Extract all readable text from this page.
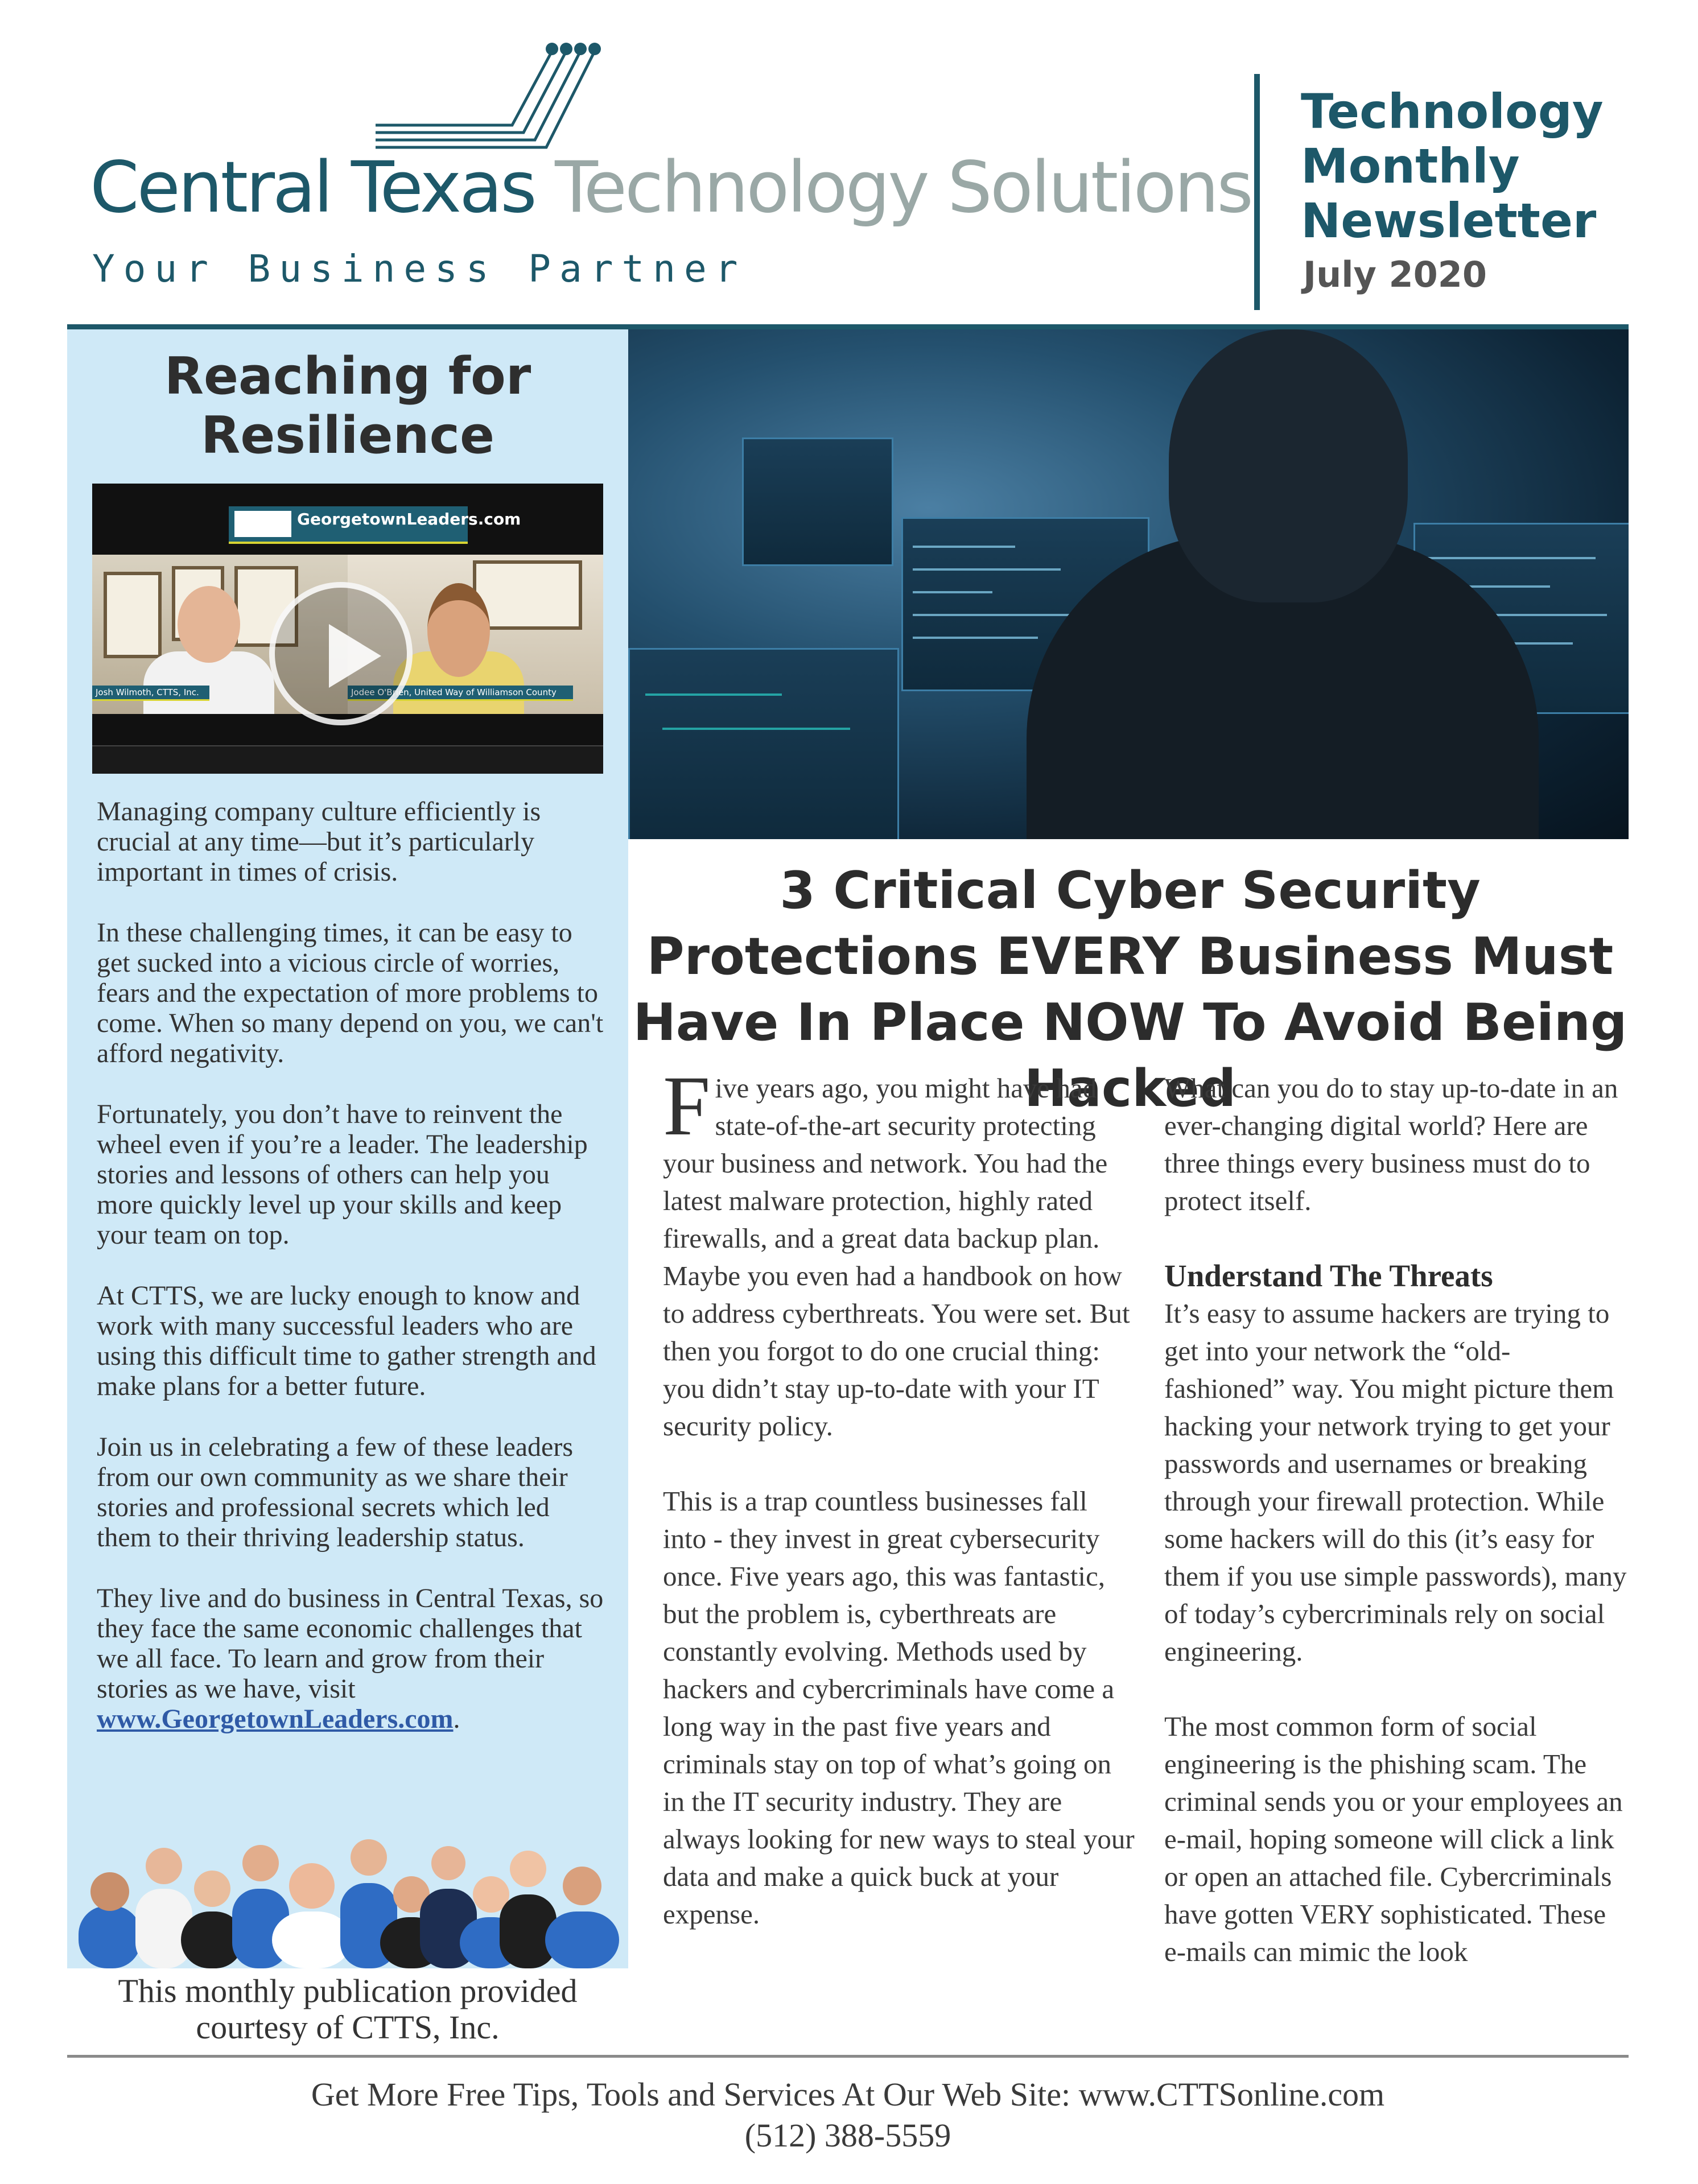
Central Texas Technology Solutions
Your Business Partner
Technology Monthly Newsletter
July 2020
Reaching for Resilience
GeorgetownLeaders.com
Josh Wilmoth, CTTS, Inc.	Jodee O'Brien, United Way of Williamson County

Managing company culture efficiently is crucial at any time—but it’s particularly important in times of crisis.

In these challenging times, it can be easy to get sucked into a vicious circle of worries, fears and the expectation of more problems to come. When so many depend on you, we can't afford negativity.

Fortunately, you don’t have to reinvent the wheel even if you’re a leader. The leadership stories and lessons of others can help you more quickly level up your skills and keep your team on top.

At CTTS, we are lucky enough to know and work with many successful leaders who are using this difficult time to gather strength and make plans for a better future.

Join us in celebrating a few of these leaders from our own community as we share their stories and professional secrets which led them to their thriving leadership status.

They live and do business in Central Texas, so they face the same economic challenges that we all face. To learn and grow from their stories as we have, visit www.GeorgetownLeaders.com.

This monthly publication provided courtesy of CTTS, Inc.
3 Critical Cyber Security Protections EVERY Business Must Have In Place NOW To Avoid Being Hacked

Five years ago, you might have had state-of-the-art security protecting your business and network. You had the latest malware protection, highly rated firewalls, and a great data backup plan. Maybe you even had a handbook on how to address cyberthreats. You were set. But then you forgot to do one crucial thing: you didn’t stay up-to-date with your IT security policy.

This is a trap countless businesses fall into - they invest in great cybersecurity once. Five years ago, this was fantastic, but the problem is, cyberthreats are constantly evolving. Methods used by hackers and cybercriminals have come a long way in the past five years and criminals stay on top of what’s going on in the IT security industry. They are always looking for new ways to steal your data and make a quick buck at your expense.

What can you do to stay up-to-date in an ever-changing digital world? Here are three things every business must do to protect itself.

Understand The Threats

It’s easy to assume hackers are trying to get into your network the “old-fashioned” way. You might picture them hacking your network trying to get your passwords and usernames or breaking through your firewall protection. While some hackers will do this (it’s easy for them if you use simple passwords), many of today’s cybercriminals rely on social engineering.

The most common form of social engineering is the phishing scam. The criminal sends you or your employees an e-mail, hoping someone will click a link or open an attached file. Cybercriminals have gotten VERY sophisticated. These e-mails can mimic the look

Get More Free Tips, Tools and Services At Our Web Site: www.CTTSonline.com
(512) 388-5559
